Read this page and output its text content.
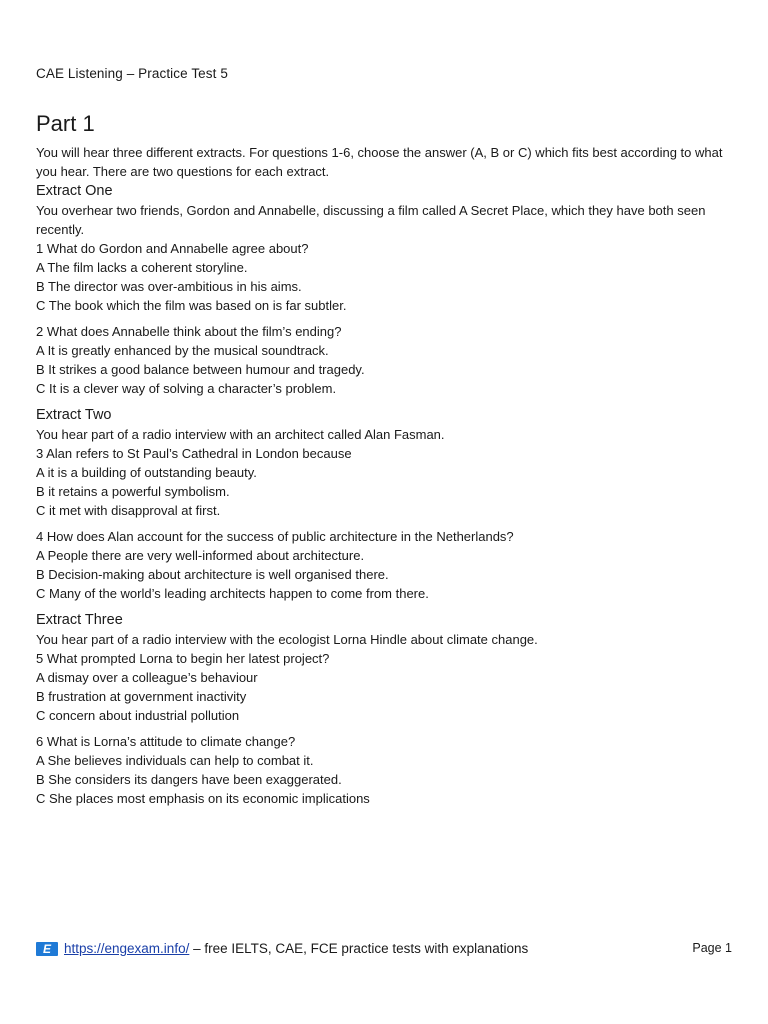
CAE Listening – Practice Test 5
Part 1

You will hear three different extracts. For questions 1-6, choose the answer (A, B or C) which fits best according to what you hear. There are two questions for each extract.

Extract One

You overhear two friends, Gordon and Annabelle, discussing a film called A Secret Place, which they have both seen recently.

1 What do Gordon and Annabelle agree about?
A The film lacks a coherent storyline.
B The director was over-ambitious in his aims.
C The book which the film was based on is far subtler.
2 What does Annabelle think about the film’s ending?
A It is greatly enhanced by the musical soundtrack.
B It strikes a good balance between humour and tragedy.
C It is a clever way of solving a character’s problem.

Extract Two

You hear part of a radio interview with an architect called Alan Fasman.

3 Alan refers to St Paul’s Cathedral in London because
A it is a building of outstanding beauty.
B it retains a powerful symbolism.
C it met with disapproval at first.
4 How does Alan account for the success of public architecture in the Netherlands?
A People there are very well-informed about architecture.
B Decision-making about architecture is well organised there.
C Many of the world’s leading architects happen to come from there.

Extract Three

You hear part of a radio interview with the ecologist Lorna Hindle about climate change.

5 What prompted Lorna to begin her latest project?
A dismay over a colleague’s behaviour
B frustration at government inactivity
C concern about industrial pollution
6 What is Lorna’s attitude to climate change?
A She believes individuals can help to combat it.
B She considers its dangers have been exaggerated.
C She places most emphasis on its economic implications
E https://engexam.info/ – free IELTS, CAE, FCE practice tests with explanations	Page 1
